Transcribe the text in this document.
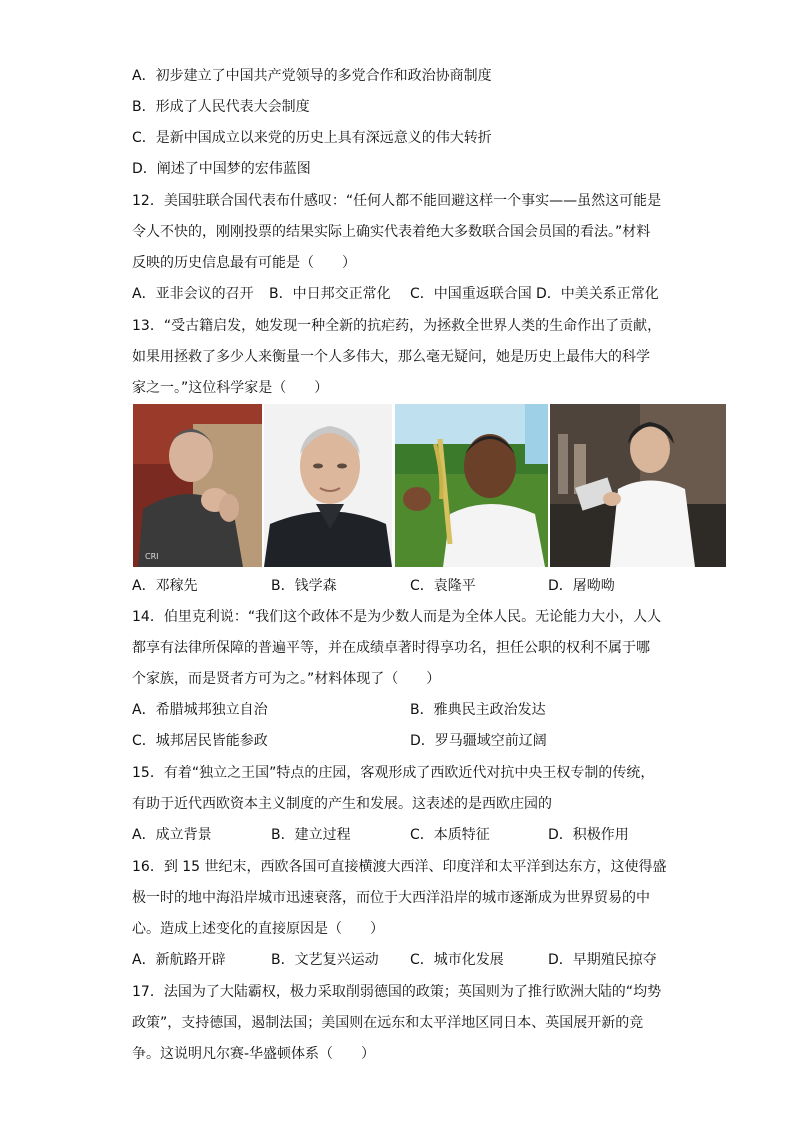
A．初步建立了中国共产党领导的多党合作和政治协商制度
B．形成了人民代表大会制度
C．是新中国成立以来党的历史上具有深远意义的伟大转折
D．阐述了中国梦的宏伟蓝图
12．美国驻联合国代表布什感叹：“任何人都不能回避这样一个事实——虽然这可能是
令人不快的，刚刚投票的结果实际上确实代表着绝大多数联合国会员国的看法。”材料
反映的历史信息最有可能是（　　）
A．亚非会议的召开 B．中日邦交正常化 C．中国重返联合国 D．中美关系正常化
13．“受古籍启发，她发现一种全新的抗疟药，为拯救全世界人类的生命作出了贡献，
如果用拯救了多少人来衡量一个人多伟大，那么毫无疑问，她是历史上最伟大的科学
家之一。”这位科学家是（　　）
CRI
A．邓稼先	B．钱学森	C．袁隆平	D．屠呦呦
14．伯里克利说：“我们这个政体不是为少数人而是为全体人民。无论能力大小，人人
都享有法律所保障的普遍平等，并在成绩卓著时得享功名，担任公职的权利不属于哪
个家族，而是贤者方可为之。”材料体现了（　　）
A．希腊城邦独立自治	B．雅典民主政治发达
C．城邦居民皆能参政	D．罗马疆域空前辽阔
15．有着“独立之王国”特点的庄园，客观形成了西欧近代对抗中央王权专制的传统，
有助于近代西欧资本主义制度的产生和发展。这表述的是西欧庄园的
A．成立背景	B．建立过程	C．本质特征	D．积极作用
16．到 15 世纪末，西欧各国可直接横渡大西洋、印度洋和太平洋到达东方，这使得盛
极一时的地中海沿岸城市迅速衰落，而位于大西洋沿岸的城市逐渐成为世界贸易的中
心。造成上述变化的直接原因是（　　）
A．新航路开辟	B．文艺复兴运动 C．城市化发展	D．早期殖民掠夺
17．法国为了大陆霸权，极力采取削弱德国的政策；英国则为了推行欧洲大陆的“均势
政策”，支持德国，遏制法国；美国则在远东和太平洋地区同日本、英国展开新的竞
争。这说明凡尔赛-华盛顿体系（　　）
